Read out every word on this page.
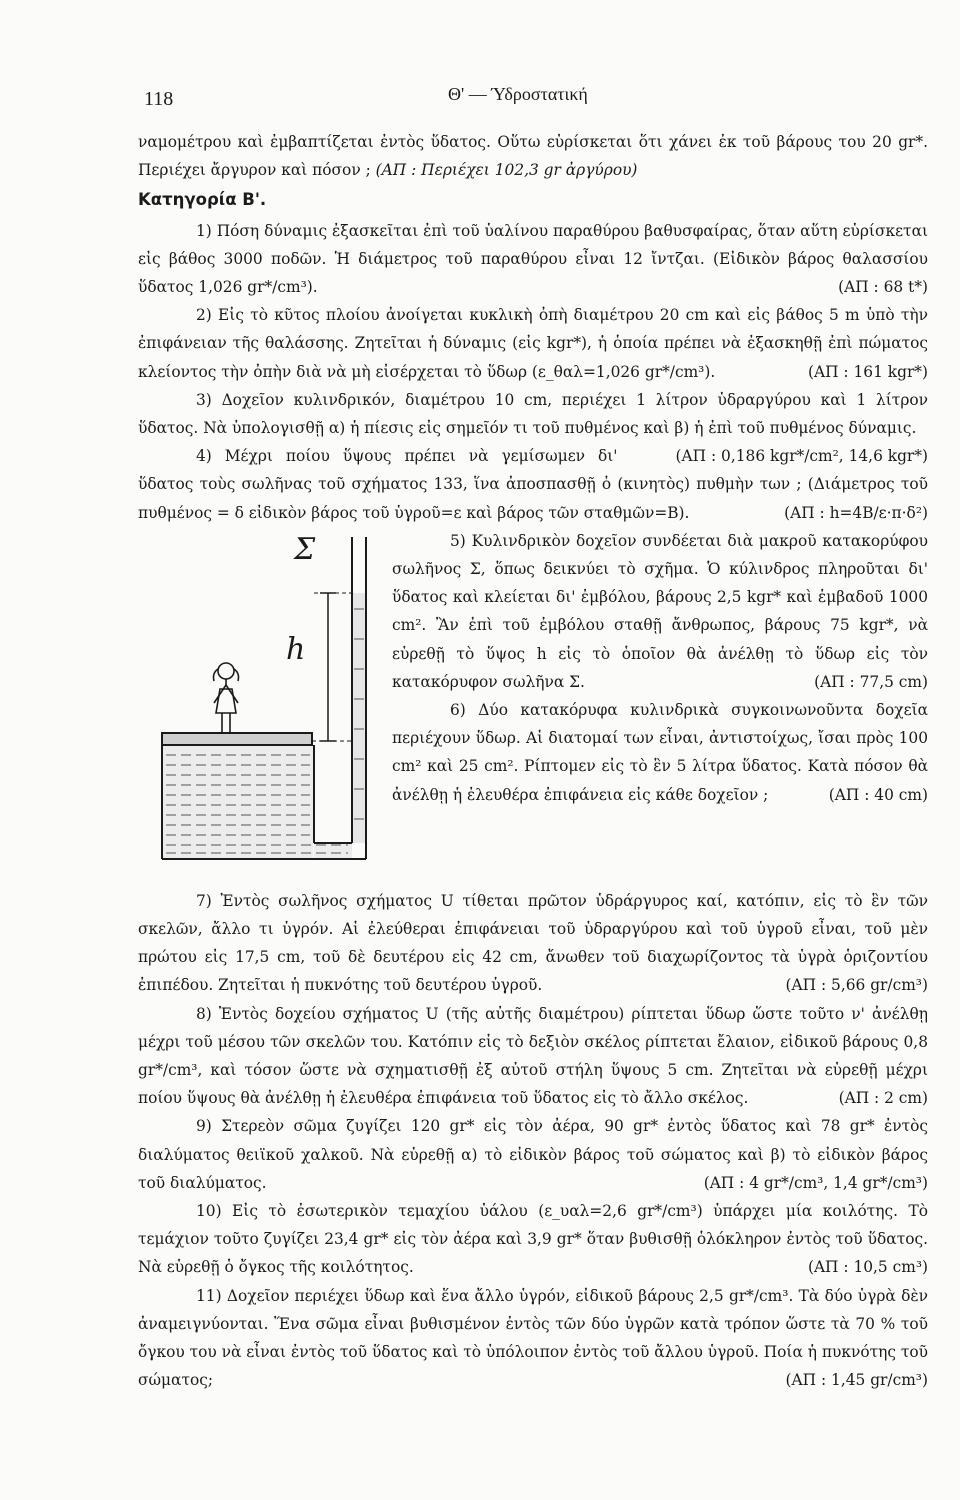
118	Θ' — Ύδροστατική

ναμομέτρου καὶ ἐμβαπτίζεται ἐντὸς ὕδατος. Οὕτω εὑρίσκεται ὅτι χάνει ἐκ τοῦ βάρους του 20 gr*. Περιέχει ἄργυρον καὶ πόσον ; (ΑΠ : Περιέχει 102,3 gr ἀργύρου)

Κατηγορία Β'.

1) Πόση δύναμις ἐξασκεῖται ἐπὶ τοῦ ὑαλίνου παραθύρου βαθυσφαίρας, ὅταν αὕτη εὑρίσκεται εἰς βάθος 3000 ποδῶν. Ἡ διάμετρος τοῦ παραθύρου εἶναι 12 ἴντζαι. (Εἰδικὸν βάρος θαλασσίου ὕδατος 1,026 gr*/cm³).	(ΑΠ : 68 t*)

2) Εἰς τὸ κῦτος πλοίου ἀνοίγεται κυκλικὴ ὀπὴ διαμέτρου 20 cm καὶ εἰς βάθος 5 m ὑπὸ τὴν ἐπιφάνειαν τῆς θαλάσσης. Ζητεῖται ἡ δύναμις (εἰς kgr*), ἡ ὁποία πρέπει νὰ ἐξασκηθῇ ἐπὶ πώματος κλείοντος τὴν ὀπὴν διὰ νὰ μὴ εἰσέρχεται τὸ ὕδωρ (ε_θαλ=1,026 gr*/cm³).	(ΑΠ : 161 kgr*)

3) Δοχεῖον κυλινδρικόν, διαμέτρου 10 cm, περιέχει 1 λίτρον ὑδραργύρου καὶ 1 λίτρον ὕδατος. Νὰ ὑπολογισθῇ α) ἡ πίεσις εἰς σημεῖόν τι τοῦ πυθμένος καὶ β) ἡ ἐπὶ τοῦ πυθμένος δύναμις.
(ΑΠ : 0,186 kgr*/cm², 14,6 kgr*)

4) Μέχρι ποίου ὕψους πρέπει νὰ γεμίσωμεν δι' ὕδατος τοὺς σωλῆνας τοῦ σχήματος 133, ἵνα ἀποσπασθῇ ὁ (κινητὸς) πυθμὴν των ; (Διάμετρος τοῦ πυθμένος = δ εἰδικὸν βάρος τοῦ ὑγροῦ=ε καὶ βάρος τῶν σταθμῶν=B).	(ΑΠ : h=4B/ε·π·δ²)

Σ
h

5) Κυλινδρικὸν δοχεῖον συνδέεται διὰ μακροῦ κατακορύφου σωλῆνος Σ, ὅπως δεικνύει τὸ σχῆμα. Ὁ κύλινδρος πληροῦται δι' ὕδατος καὶ κλείεται δι' ἐμβόλου, βάρους 2,5 kgr* καὶ ἐμβαδοῦ 1000 cm². Ἂν ἐπὶ τοῦ ἐμβόλου σταθῇ ἄνθρωπος, βάρους 75 kgr*, νὰ εὑρεθῇ τὸ ὕψος h εἰς τὸ ὁποῖον θὰ ἀνέλθῃ τὸ ὕδωρ εἰς τὸν κατακόρυφον σωλῆνα Σ.	(ΑΠ : 77,5 cm)

6) Δύο κατακόρυφα κυλινδρικὰ συγκοινωνοῦντα δοχεῖα περιέχουν ὕδωρ. Αἱ διατομαί των εἶναι, ἀντιστοίχως, ἴσαι πρὸς 100 cm² καὶ 25 cm². Ρίπτομεν εἰς τὸ ἓν 5 λίτρα ὕδατος. Κατὰ πόσον θὰ ἀνέλθῃ ἡ ἐλευθέρα ἐπιφάνεια εἰς κάθε δοχεῖον ;	(ΑΠ : 40 cm)

7) Ἐντὸς σωλῆνος σχήματος U τίθεται πρῶτον ὑδράργυρος καί, κατόπιν, εἰς τὸ ἓν τῶν σκελῶν, ἄλλο τι ὑγρόν. Αἱ ἐλεύθεραι ἐπιφάνειαι τοῦ ὑδραργύρου καὶ τοῦ ὑγροῦ εἶναι, τοῦ μὲν πρώτου εἰς 17,5 cm, τοῦ δὲ δευτέρου εἰς 42 cm, ἄνωθεν τοῦ διαχωρίζοντος τὰ ὑγρὰ ὁριζοντίου ἐπιπέδου. Ζητεῖται ἡ πυκνότης τοῦ δευτέρου ὑγροῦ.	(ΑΠ : 5,66 gr/cm³)

8) Ἐντὸς δοχείου σχήματος U (τῆς αὐτῆς διαμέτρου) ρίπτεται ὕδωρ ὥστε τοῦτο ν' ἀνέλθῃ μέχρι τοῦ μέσου τῶν σκελῶν του. Κατόπιν εἰς τὸ δεξιὸν σκέλος ρίπτεται ἔλαιον, εἰδικοῦ βάρους 0,8 gr*/cm³, καὶ τόσον ὥστε νὰ σχηματισθῇ ἐξ αὐτοῦ στήλη ὕψους 5 cm. Ζητεῖται νὰ εὑρεθῇ μέχρι ποίου ὕψους θὰ ἀνέλθῃ ἡ ἐλευθέρα ἐπιφάνεια τοῦ ὕδατος εἰς τὸ ἄλλο σκέλος.	(ΑΠ : 2 cm)

9) Στερεὸν σῶμα ζυγίζει 120 gr* εἰς τὸν ἀέρα, 90 gr* ἐντὸς ὕδατος καὶ 78 gr* ἐντὸς διαλύματος θειϊκοῦ χαλκοῦ. Νὰ εὑρεθῇ α) τὸ εἰδικὸν βάρος τοῦ σώματος καὶ β) τὸ εἰδικὸν βάρος τοῦ διαλύματος.	(ΑΠ : 4 gr*/cm³, 1,4 gr*/cm³)

10) Εἰς τὸ ἐσωτερικὸν τεμαχίου ὑάλου (ε_υαλ=2,6 gr*/cm³) ὑπάρχει μία κοιλότης. Τὸ τεμάχιον τοῦτο ζυγίζει 23,4 gr* εἰς τὸν ἀέρα καὶ 3,9 gr* ὅταν βυθισθῇ ὁλόκληρον ἐντὸς τοῦ ὕδατος. Νὰ εὑρεθῇ ὁ ὄγκος τῆς κοιλότητος.	(ΑΠ : 10,5 cm³)

11) Δοχεῖον περιέχει ὕδωρ καὶ ἕνα ἄλλο ὑγρόν, εἰδικοῦ βάρους 2,5 gr*/cm³. Τὰ δύο ὑγρὰ δὲν ἀναμειγνύονται. Ἕνα σῶμα εἶναι βυθισμένον ἐντὸς τῶν δύο ὑγρῶν κατὰ τρόπον ὥστε τὰ 70 % τοῦ ὄγκου του νὰ εἶναι ἐντὸς τοῦ ὕδατος καὶ τὸ ὑπόλοιπον ἐντὸς τοῦ ἄλλου ὑγροῦ. Ποία ἡ πυκνότης τοῦ σώματος;	(ΑΠ : 1,45 gr/cm³)
